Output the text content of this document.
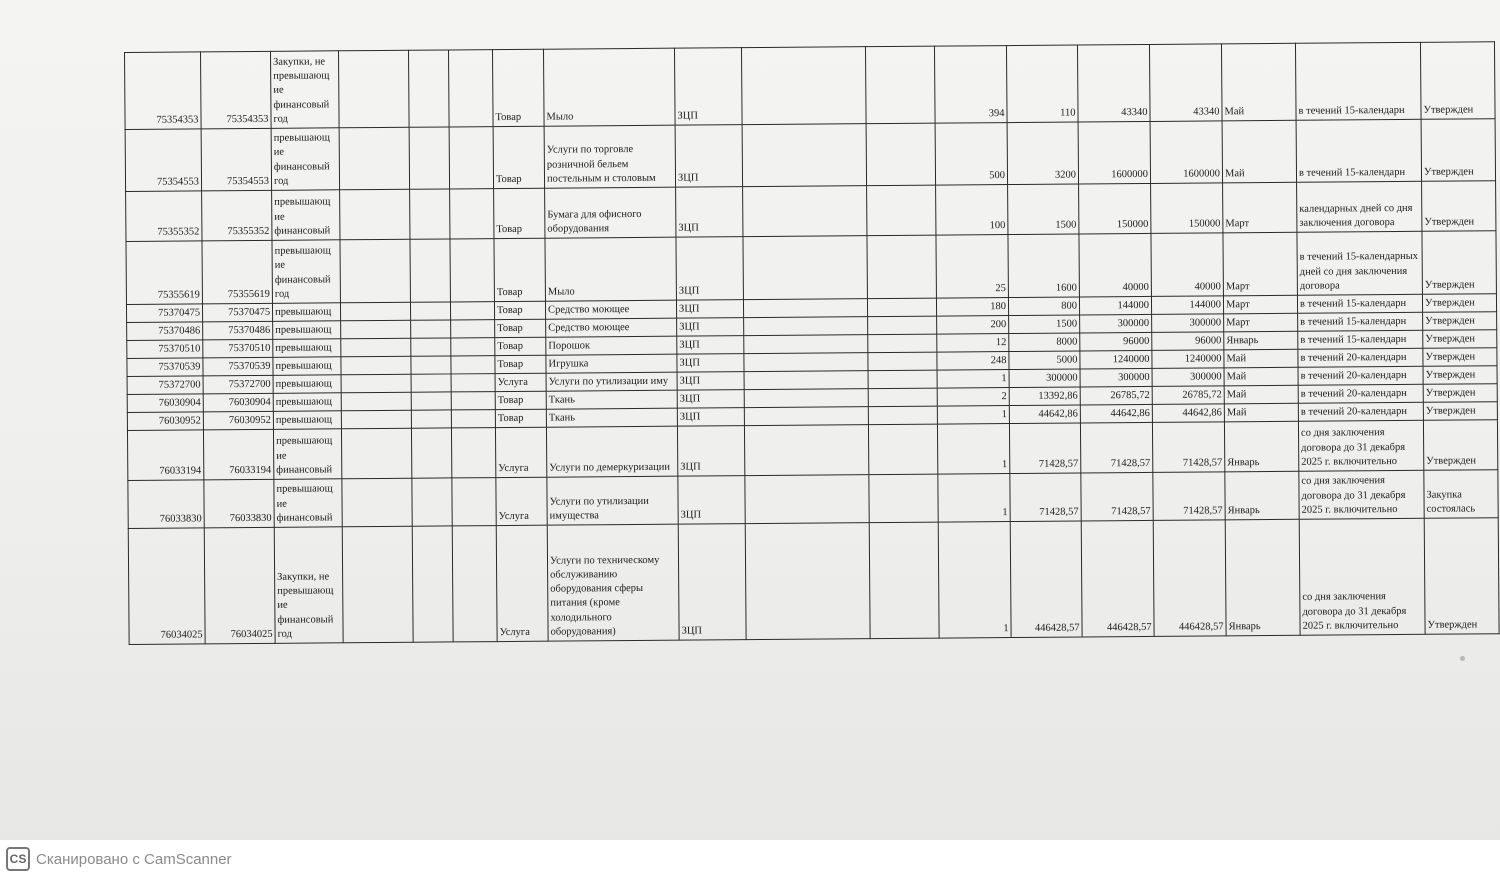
75354353	75354353	Закупки, не превышающ ие финансовый год				Товар	Мыло	ЗЦП			394	110	43340	43340	Май	в течений 15-календарн	Утвержден
75354553	75354553	превышающ ие финансовый год				Товар	Услуги по торговле розничной бельем постельным и столовым	ЗЦП			500	3200	1600000	1600000	Май	в течений 15-календарн	Утвержден
75355352	75355352	превышающ ие финансовый				Товар	Бумага для офисного оборудования	ЗЦП			100	1500	150000	150000	Март	календарных дней со дня заключения договора	Утвержден
75355619	75355619	превышающ ие финансовый год				Товар	Мыло	ЗЦП			25	1600	40000	40000	Март	в течений 15-календарных дней со дня заключения договора	Утвержден
75370475	75370475	превышающ				Товар	Средство моющее	ЗЦП			180	800	144000	144000	Март	в течений 15-календарн	Утвержден
75370486	75370486	превышающ				Товар	Средство моющее	ЗЦП			200	1500	300000	300000	Март	в течений 15-календарн	Утвержден
75370510	75370510	превышающ				Товар	Порошок	ЗЦП			12	8000	96000	96000	Январь	в течений 15-календарн	Утвержден
75370539	75370539	превышающ				Товар	Игрушка	ЗЦП			248	5000	1240000	1240000	Май	в течений 20-календарн	Утвержден
75372700	75372700	превышающ				Услуга	Услуги по утилизации иму	ЗЦП			1	300000	300000	300000	Май	в течений 20-календарн	Утвержден
76030904	76030904	превышающ				Товар	Ткань	ЗЦП			2	13392,86	26785,72	26785,72	Май	в течений 20-календарн	Утвержден
76030952	76030952	превышающ				Товар	Ткань	ЗЦП			1	44642,86	44642,86	44642,86	Май	в течений 20-календарн	Утвержден
76033194	76033194	превышающ ие финансовый				Услуга	Услуги по демеркуризации	ЗЦП			1	71428,57	71428,57	71428,57	Январь	со дня заключения договора до 31 декабря 2025 г. включительно	Утвержден
76033830	76033830	превышающ ие финансовый				Услуга	Услуги по утилизации имущества	ЗЦП			1	71428,57	71428,57	71428,57	Январь	со дня заключения договора до 31 декабря 2025 г. включительно	Закупка состоялась
76034025	76034025	Закупки, не превышающ ие финансовый год				Услуга	Услуги по техническому обслуживанию оборудования сферы питания (кроме холодильного оборудования)	ЗЦП			1	446428,57	446428,57	446428,57	Январь	со дня заключения договора до 31 декабря 2025 г. включительно	Утвержден
CS Сканировано с CamScanner
